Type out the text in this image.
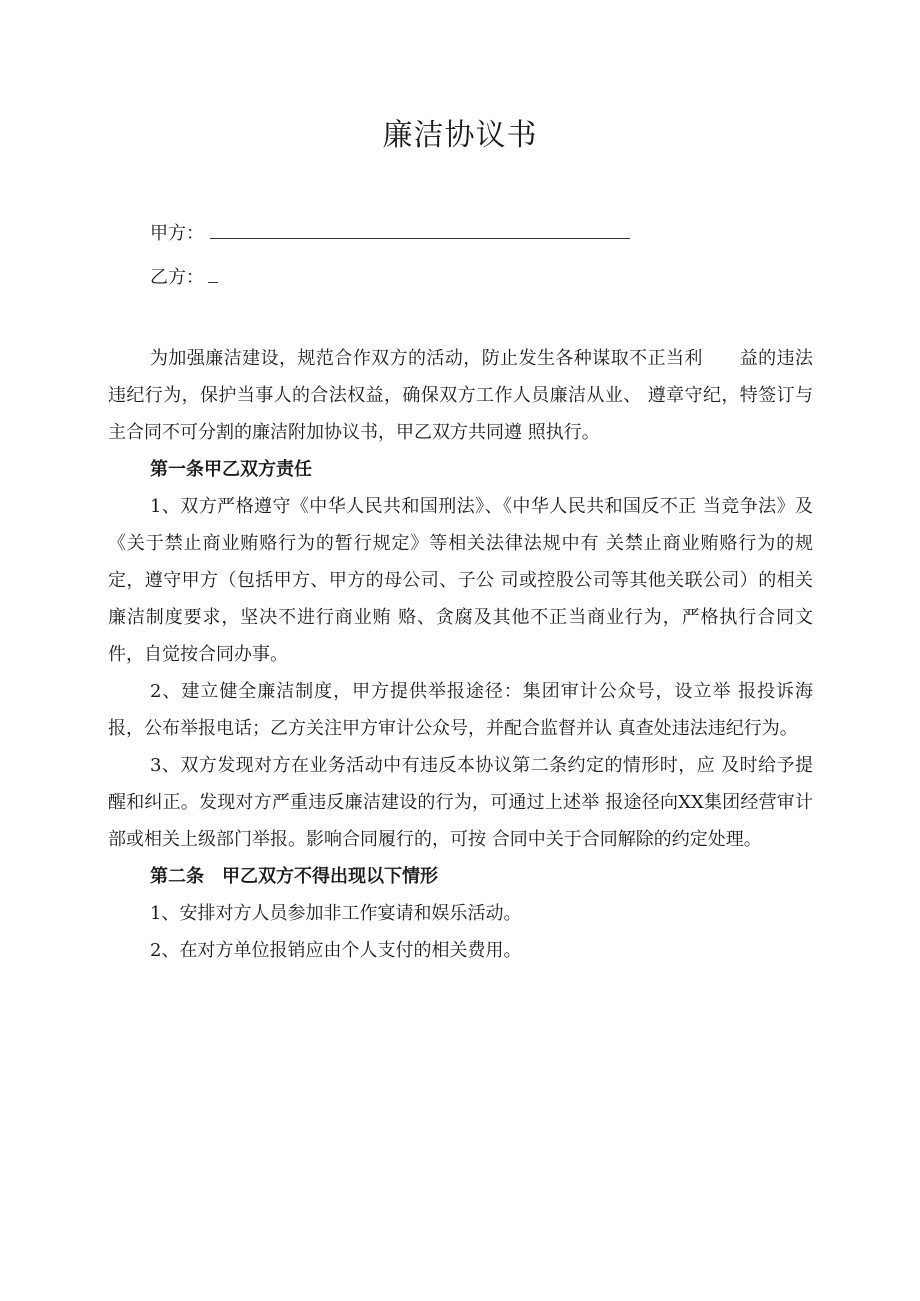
廉洁协议书
甲方：
乙方：

为加强廉洁建设，规范合作双方的活动，防止发生各种谋取不正当利　　益的违法违纪行为，保护当事人的合法权益，确保双方工作人员廉洁从业、 遵章守纪，特签订与主合同不可分割的廉洁附加协议书，甲乙双方共同遵 照执行。

第一条甲乙双方责任

1、双方严格遵守《中华人民共和国刑法》、《中华人民共和国反不正 当竞争法》及《关于禁止商业贿赂行为的暂行规定》等相关法律法规中有 关禁止商业贿赂行为的规定，遵守甲方（包括甲方、甲方的母公司、子公 司或控股公司等其他关联公司）的相关廉洁制度要求，坚决不进行商业贿 赂、贪腐及其他不正当商业行为，严格执行合同文件，自觉按合同办事。

2、建立健全廉洁制度，甲方提供举报途径：集团审计公众号，设立举 报投诉海报，公布举报电话；乙方关注甲方审计公众号，并配合监督并认 真查处违法违纪行为。

3、双方发现对方在业务活动中有违反本协议第二条约定的情形时，应 及时给予提醒和纠正。发现对方严重违反廉洁建设的行为，可通过上述举 报途径向XX集团经营审计部或相关上级部门举报。影响合同履行的，可按 合同中关于合同解除的约定处理。

第二条　甲乙双方不得出现以下情形

1、安排对方人员参加非工作宴请和娱乐活动。

2、在对方单位报销应由个人支付的相关费用。
